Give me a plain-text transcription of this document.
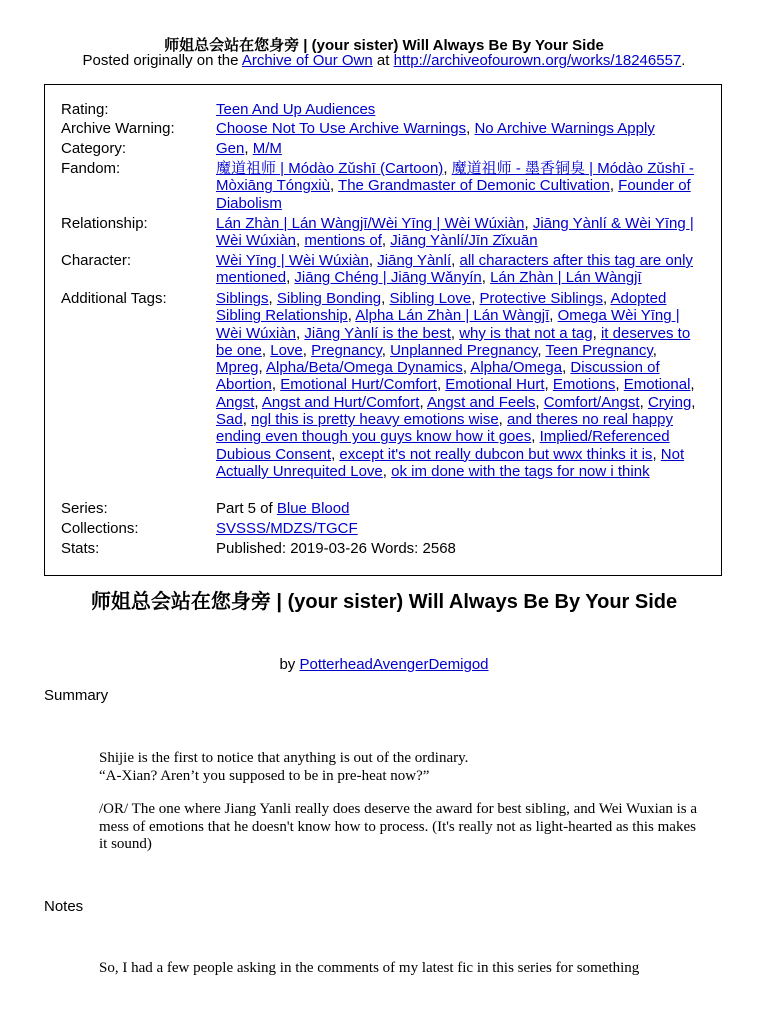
师姐总会站在您身旁 | (your sister) Will Always Be By Your Side
Posted originally on the Archive of Our Own at http://archiveofourown.org/works/18246557.
Rating:	Teen And Up Audiences
Archive Warning:	Choose Not To Use Archive Warnings, No Archive Warnings Apply
Category:	Gen, M/M
Fandom:	魔道祖师 | Módào Zǔshī (Cartoon), 魔道祖师 - 墨香铜臭 | Módào Zǔshī - Mòxiāng Tóngxiù, The Grandmaster of Demonic Cultivation, Founder of Diabolism
Relationship:	Lán Zhàn | Lán Wàngjī/Wèi Yīng | Wèi Wúxiàn, Jiāng Yànlí & Wèi Yīng | Wèi Wúxiàn, mentions of, Jiāng Yànlí/Jīn Zǐxuān
Character:	Wèi Yīng | Wèi Wúxiàn, Jiāng Yànlí, all characters after this tag are only mentioned, Jiāng Chéng | Jiāng Wǎnyín, Lán Zhàn | Lán Wàngjī
Additional Tags:	Siblings, Sibling Bonding, Sibling Love, Protective Siblings, Adopted Sibling Relationship, Alpha Lán Zhàn | Lán Wàngjī, Omega Wèi Yīng | Wèi Wúxiàn, Jiāng Yànlí is the best, why is that not a tag, it deserves to be one, Love, Pregnancy, Unplanned Pregnancy, Teen Pregnancy, Mpreg, Alpha/Beta/Omega Dynamics, Alpha/Omega, Discussion of Abortion, Emotional Hurt/Comfort, Emotional Hurt, Emotions, Emotional, Angst, Angst and Hurt/Comfort, Angst and Feels, Comfort/Angst, Crying, Sad, ngl this is pretty heavy emotions wise, and theres no real happy ending even though you guys know how it goes, Implied/Referenced Dubious Consent, except it's not really dubcon but wwx thinks it is, Not Actually Unrequited Love, ok im done with the tags for now i think
Series:	Part 5 of Blue Blood
Collections:	SVSSS/MDZS/TGCF
Stats:	Published: 2019-03-26 Words: 2568
师姐总会站在您身旁 | (your sister) Will Always Be By Your Side
by PotterheadAvengerDemigod
Summary
Shijie is the first to notice that anything is out of the ordinary.
“A-Xian? Aren’t you supposed to be in pre-heat now?”
/OR/ The one where Jiang Yanli really does deserve the award for best sibling, and Wei Wuxian is a mess of emotions that he doesn't know how to process. (It's really not as light-hearted as this makes it sound)
Notes
So, I had a few people asking in the comments of my latest fic in this series for something
